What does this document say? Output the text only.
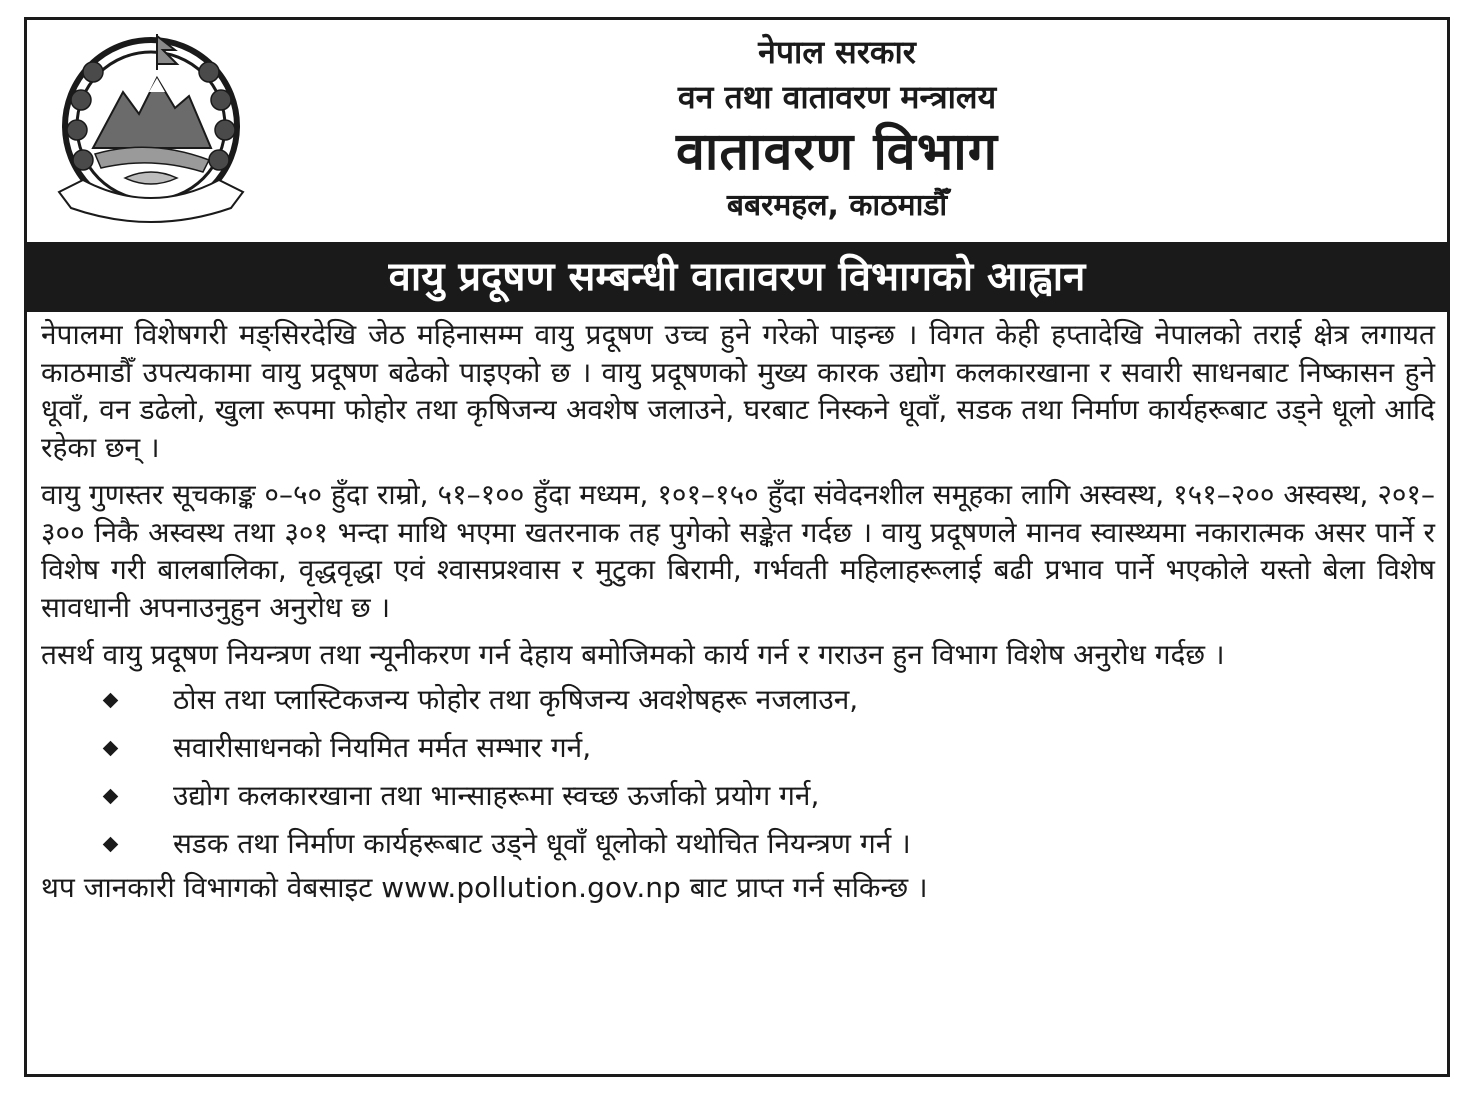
नेपाल सरकार
वन तथा वातावरण मन्त्रालय
वातावरण विभाग
बबरमहल, काठमाडौँ
वायु प्रदूषण सम्बन्धी वातावरण विभागको आह्वान

नेपालमा विशेषगरी मङ्सिरदेखि जेठ महिनासम्म वायु प्रदूषण उच्च हुने गरेको पाइन्छ । विगत केही हप्तादेखि नेपालको तराई क्षेत्र लगायत काठमाडौँ उपत्यकामा वायु प्रदूषण बढेको पाइएको छ । वायु प्रदूषणको मुख्य कारक उद्योग कलकारखाना र सवारी साधनबाट निष्कासन हुने धूवाँ, वन डढेलो, खुला रूपमा फोहोर तथा कृषिजन्य अवशेष जलाउने, घरबाट निस्कने धूवाँ, सडक तथा निर्माण कार्यहरूबाट उड्ने धूलो आदि रहेका छन् ।

वायु गुणस्तर सूचकाङ्क ०–५० हुँदा राम्रो, ५१–१०० हुँदा मध्यम, १०१–१५० हुँदा संवेदनशील समूहका लागि अस्वस्थ, १५१–२०० अस्वस्थ, २०१–३०० निकै अस्वस्थ तथा ३०१ भन्दा माथि भएमा खतरनाक तह पुगेको सङ्केत गर्दछ । वायु प्रदूषणले मानव स्वास्थ्यमा नकारात्मक असर पार्ने र विशेष गरी बालबालिका, वृद्धवृद्धा एवं श्वासप्रश्वास र मुटुका बिरामी, गर्भवती महिलाहरूलाई बढी प्रभाव पार्ने भएकोले यस्तो बेला विशेष सावधानी अपनाउनुहुन अनुरोध छ ।

तसर्थ वायु प्रदूषण नियन्त्रण तथा न्यूनीकरण गर्न देहाय बमोजिमको कार्य गर्न र गराउन हुन विभाग विशेष अनुरोध गर्दछ ।

ठोस तथा प्लास्टिकजन्य फोहोर तथा कृषिजन्य अवशेषहरू नजलाउन,
सवारीसाधनको नियमित मर्मत सम्भार गर्न,
उद्योग कलकारखाना तथा भान्साहरूमा स्वच्छ ऊर्जाको प्रयोग गर्न,
सडक तथा निर्माण कार्यहरूबाट उड्ने धूवाँ धूलोको यथोचित नियन्त्रण गर्न ।

थप जानकारी विभागको वेबसाइट www.pollution.gov.np बाट प्राप्त गर्न सकिन्छ ।
